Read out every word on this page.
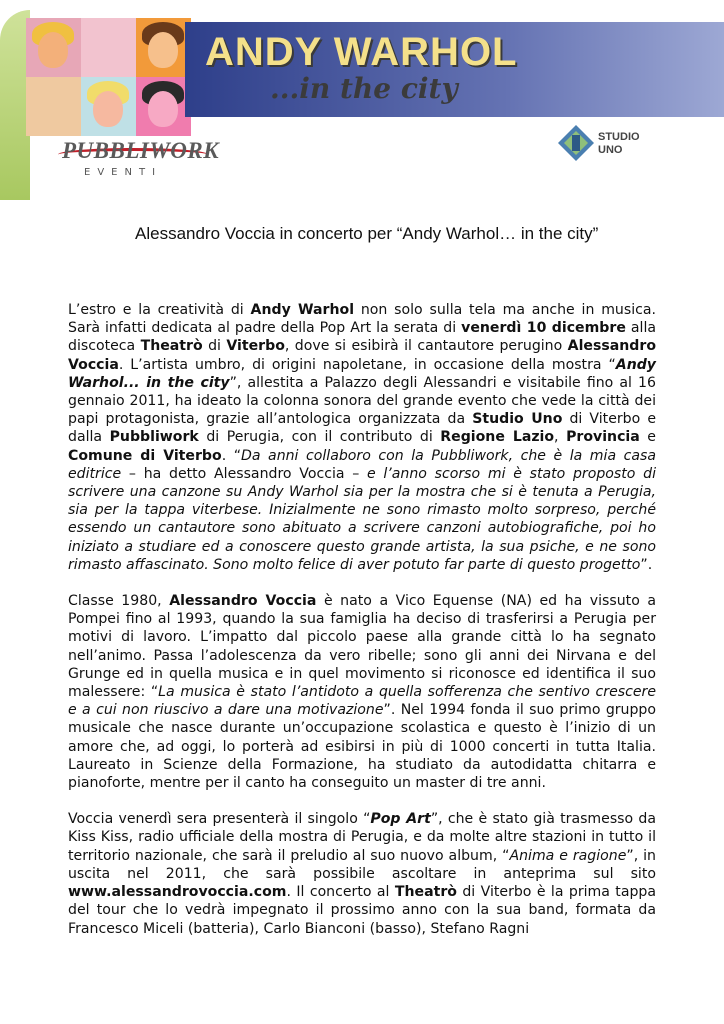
ANDY WARHOL
...in the city
PUBBLIWORK
EVENTI
STUDIO
UNO
Alessandro Voccia in concerto per “Andy Warhol… in the city”

L’estro e la creatività di Andy Warhol non solo sulla tela ma anche in musica. Sarà infatti dedicata al padre della Pop Art la serata di venerdì 10 dicembre alla discoteca Theatrò di Viterbo, dove si esibirà il cantautore perugino Alessandro Voccia. L’artista umbro, di origini napoletane, in occasione della mostra “Andy Warhol... in the city”, allestita a Palazzo degli Alessandri e visitabile fino al 16 gennaio 2011, ha ideato la colonna sonora del grande evento che vede la città dei papi protagonista, grazie all’antologica organizzata da Studio Uno di Viterbo e dalla Pubbliwork di Perugia, con il contributo di Regione Lazio, Provincia e Comune di Viterbo. “Da anni collaboro con la Pubbliwork, che è la mia casa editrice – ha detto Alessandro Voccia – e l’anno scorso mi è stato proposto di scrivere una canzone su Andy Warhol sia per la mostra che si è tenuta a Perugia, sia per la tappa viterbese. Inizialmente ne sono rimasto molto sorpreso, perché essendo un cantautore sono abituato a scrivere canzoni autobiografiche, poi ho iniziato a studiare ed a conoscere questo grande artista, la sua psiche, e ne sono rimasto affascinato. Sono molto felice di aver potuto far parte di questo progetto”.

Classe 1980, Alessandro Voccia è nato a Vico Equense (NA) ed ha vissuto a Pompei fino al 1993, quando la sua famiglia ha deciso di trasferirsi a Perugia per motivi di lavoro. L’impatto dal piccolo paese alla grande città lo ha segnato nell’animo. Passa l’adolescenza da vero ribelle; sono gli anni dei Nirvana e del Grunge ed in quella musica e in quel movimento si riconosce ed identifica il suo malessere: “La musica è stato l’antidoto a quella sofferenza che sentivo crescere e a cui non riuscivo a dare una motivazione”. Nel 1994 fonda il suo primo gruppo musicale che nasce durante un’occupazione scolastica e questo è l’inizio di un amore che, ad oggi, lo porterà ad esibirsi in più di 1000 concerti in tutta Italia. Laureato in Scienze della Formazione, ha studiato da autodidatta chitarra e pianoforte, mentre per il canto ha conseguito un master di tre anni.

Voccia venerdì sera presenterà il singolo “Pop Art”, che è stato già trasmesso da Kiss Kiss, radio ufficiale della mostra di Perugia, e da molte altre stazioni in tutto il territorio nazionale, che sarà il preludio al suo nuovo album, “Anima e ragione”, in uscita nel 2011, che sarà possibile ascoltare in anteprima sul sito www.alessandrovoccia.com. Il concerto al Theatrò di Viterbo è la prima tappa del tour che lo vedrà impegnato il prossimo anno con la sua band, formata da Francesco Miceli (batteria), Carlo Bianconi (basso), Stefano Ragni
